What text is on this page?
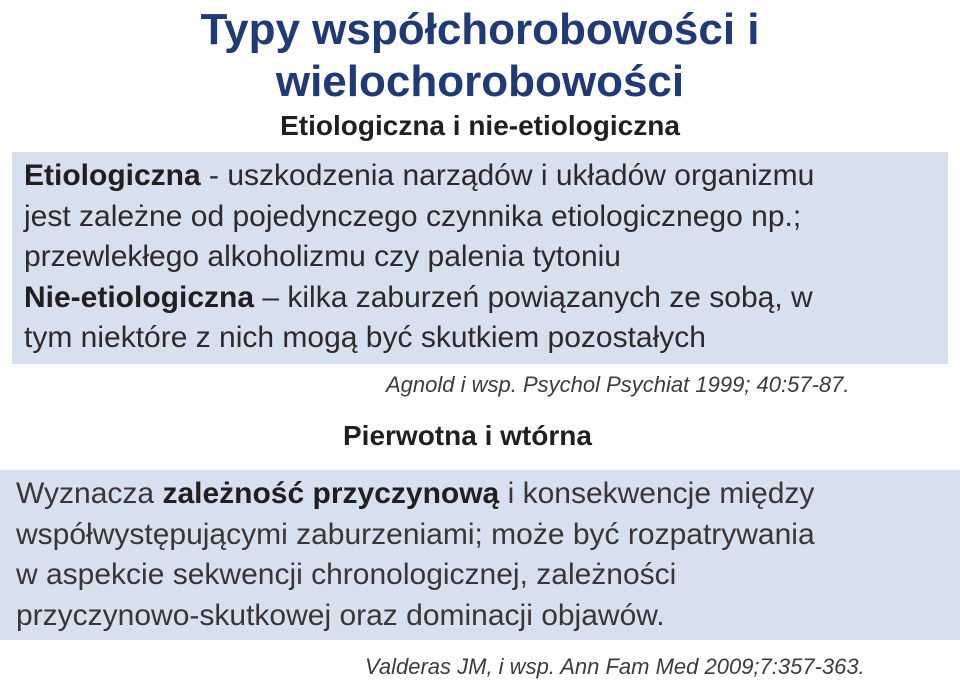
Typy współchorobowości i
wielochorobowości
Etiologiczna i nie-etiologiczna
Etiologiczna - uszkodzenia narządów i układów organizmu
jest zależne od pojedynczego czynnika etiologicznego np.;
przewlekłego alkoholizmu czy palenia tytoniu
Nie-etiologiczna – kilka zaburzeń powiązanych ze sobą, w
tym niektóre z nich mogą być skutkiem pozostałych
Agnold i wsp. Psychol Psychiat 1999; 40:57-87.
Pierwotna i wtórna
Wyznacza zależność przyczynową i konsekwencje między
współwystępującymi zaburzeniami; może być rozpatrywania
w aspekcie sekwencji chronologicznej, zależności
przyczynowo-skutkowej oraz dominacji objawów.
Valderas JM, i wsp. Ann Fam Med 2009;7:357-363.
